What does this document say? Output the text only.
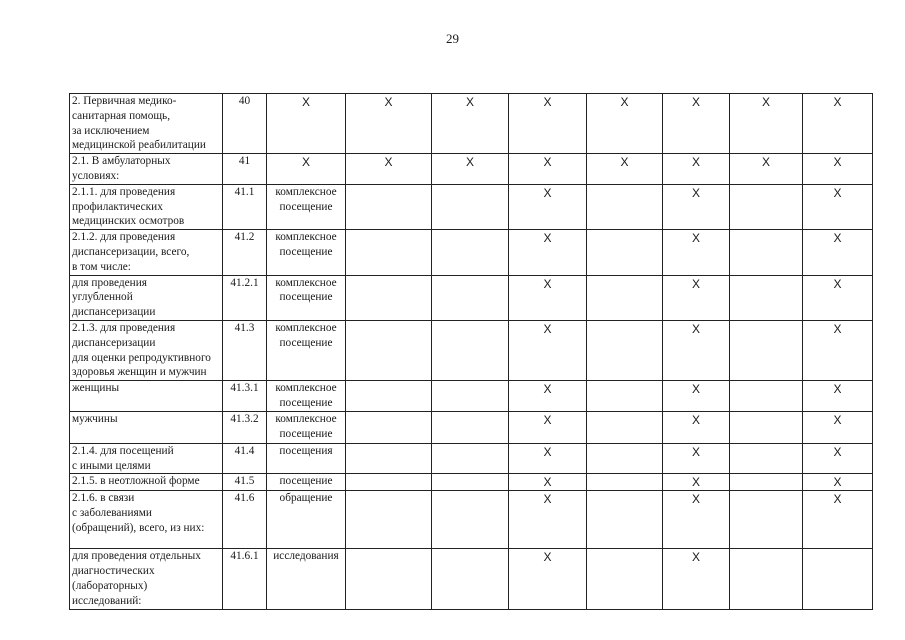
29
2. Первичная медико-
санитарная помощь,
за исключением
медицинской реабилитации	40	X	X	X	X	X	X	X	X

2.1. В амбулаторных
условиях:	41	X	X	X	X	X	X	X	X

2.1.1. для проведения
профилактических
медицинских осмотров	41.1	комплексное
посещение			X		X		X

2.1.2. для проведения
диспансеризации, всего,
в том числе:	41.2	комплексное
посещение			X		X		X

для проведения
углубленной
диспансеризации	41.2.1	комплексное
посещение			X		X		X

2.1.3. для проведения
диспансеризации
для оценки репродуктивного
здоровья женщин и мужчин	41.3	комплексное
посещение			X		X		X

женщины	41.3.1	комплексное
посещение			X		X		X

мужчины	41.3.2	комплексное
посещение			X		X		X

2.1.4. для посещений
с иными целями	41.4	посещения			X		X		X

2.1.5. в неотложной форме	41.5	посещение			X		X		X

2.1.6. в связи
с заболеваниями
(обращений), всего, из них:	41.6	обращение			X		X		X

для проведения отдельных
диагностических
(лабораторных)
исследований:	41.6.1	исследования			X		X		
